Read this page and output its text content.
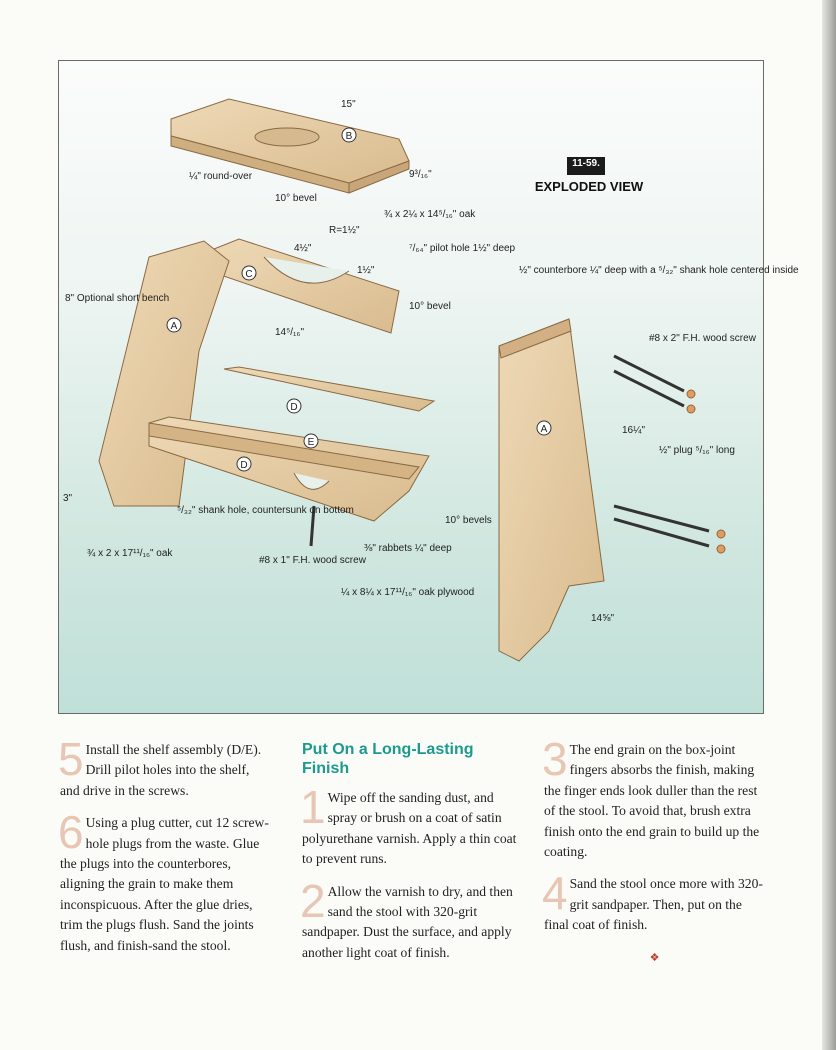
B
C
A
D
E
D
A
15"
9³/₁₆"
¼" round-over
10° bevel
¾ x 2¼ x 14⁵/₁₆" oak
R=1½"
4½"
1½"
⁷/₆₄" pilot hole 1½" deep
10° bevel
14⁵/₁₆"
8" Optional short bench
½" counterbore ¼" deep with a ⁵/₃₂" shank hole centered inside
#8 x 2" F.H. wood screw
16¼"
½" plug ⁵/₁₆" long
⁵/₃₂" shank hole, countersunk on bottom
3"
¾ x 2 x 17¹¹/₁₆" oak
#8 x 1" F.H. wood screw
⅜" rabbets ¼" deep
10° bevels
¼ x 8¼ x 17¹¹/₁₆" oak plywood
14⅝"
11-59.
EXPLODED VIEW
5 Install the shelf assembly (D/E). Drill pilot holes into the shelf, and drive in the screws.
6 Using a plug cutter, cut 12 screw-hole plugs from the waste. Glue the plugs into the counterbores, aligning the grain to make them inconspicuous. After the glue dries, trim the plugs flush. Sand the joints flush, and finish-sand the stool.
Put On a Long-Lasting Finish
1 Wipe off the sanding dust, and spray or brush on a coat of satin polyurethane varnish. Apply a thin coat to prevent runs.
2 Allow the varnish to dry, and then sand the stool with 320-grit sandpaper. Dust the surface, and apply another light coat of finish.
3 The end grain on the box-joint fingers absorbs the finish, making the finger ends look duller than the rest of the stool. To avoid that, brush extra finish onto the end grain to build up the coating.
4 Sand the stool once more with 320-grit sandpaper. Then, put on the final coat of finish.
❖
